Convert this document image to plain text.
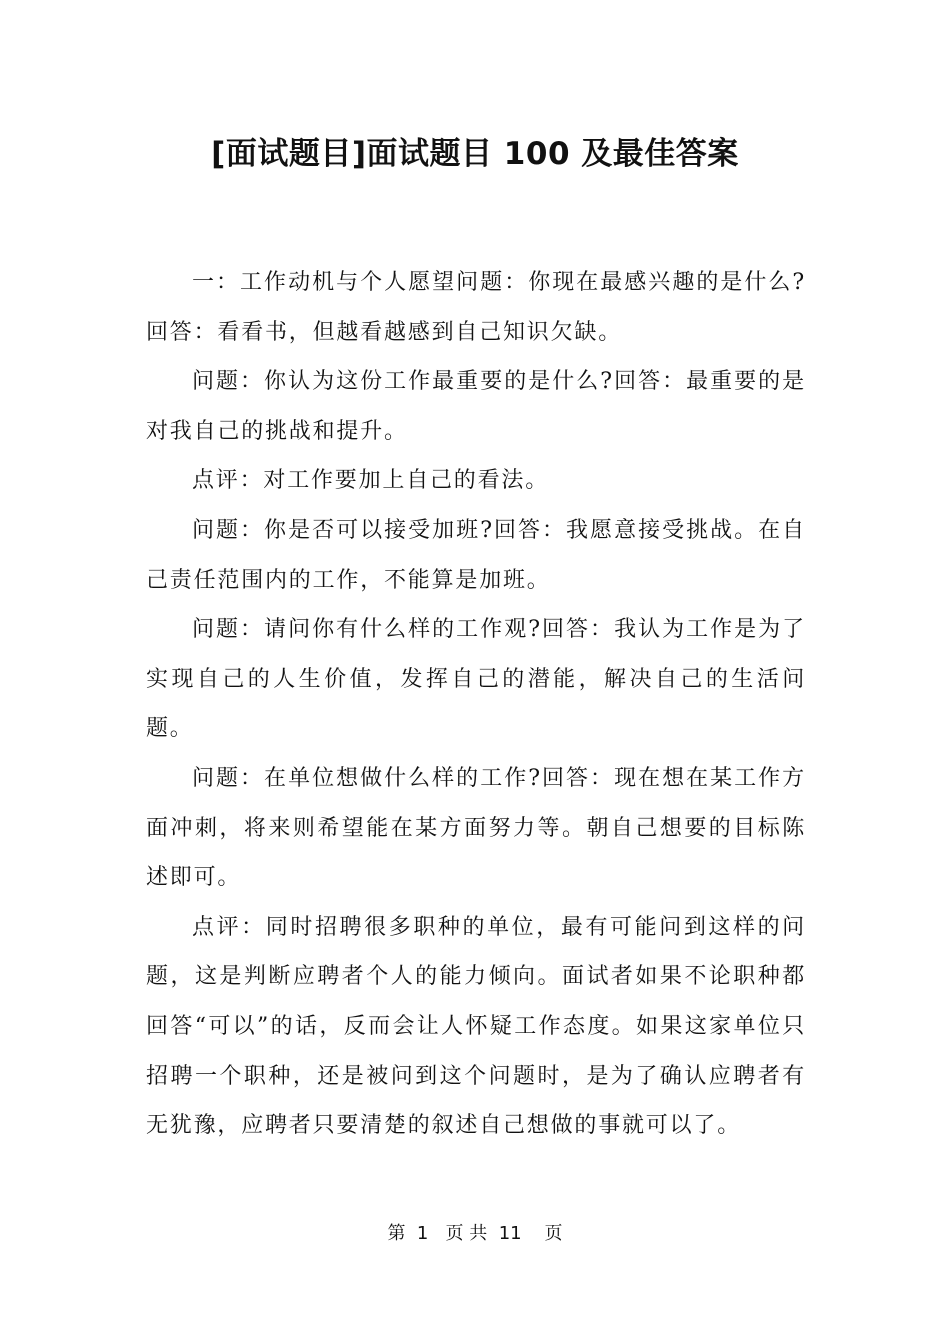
[面试题目]面试题目 100 及最佳答案

一：工作动机与个人愿望问题：你现在最感兴趣的是什么?回答：看看书，但越看越感到自己知识欠缺。

问题：你认为这份工作最重要的是什么?回答：最重要的是对我自己的挑战和提升。

点评：对工作要加上自己的看法。

问题：你是否可以接受加班?回答：我愿意接受挑战。在自己责任范围内的工作，不能算是加班。

问题：请问你有什么样的工作观?回答：我认为工作是为了实现自己的人生价值，发挥自己的潜能，解决自己的生活问题。

问题：在单位想做什么样的工作?回答：现在想在某工作方面冲刺，将来则希望能在某方面努力等。朝自己想要的目标陈述即可。

点评：同时招聘很多职种的单位，最有可能问到这样的问题，这是判断应聘者个人的能力倾向。面试者如果不论职种都回答“可以”的话，反而会让人怀疑工作态度。如果这家单位只招聘一个职种，还是被问到这个问题时，是为了确认应聘者有无犹豫，应聘者只要清楚的叙述自己想做的事就可以了。

第  1   页 共  11    页
